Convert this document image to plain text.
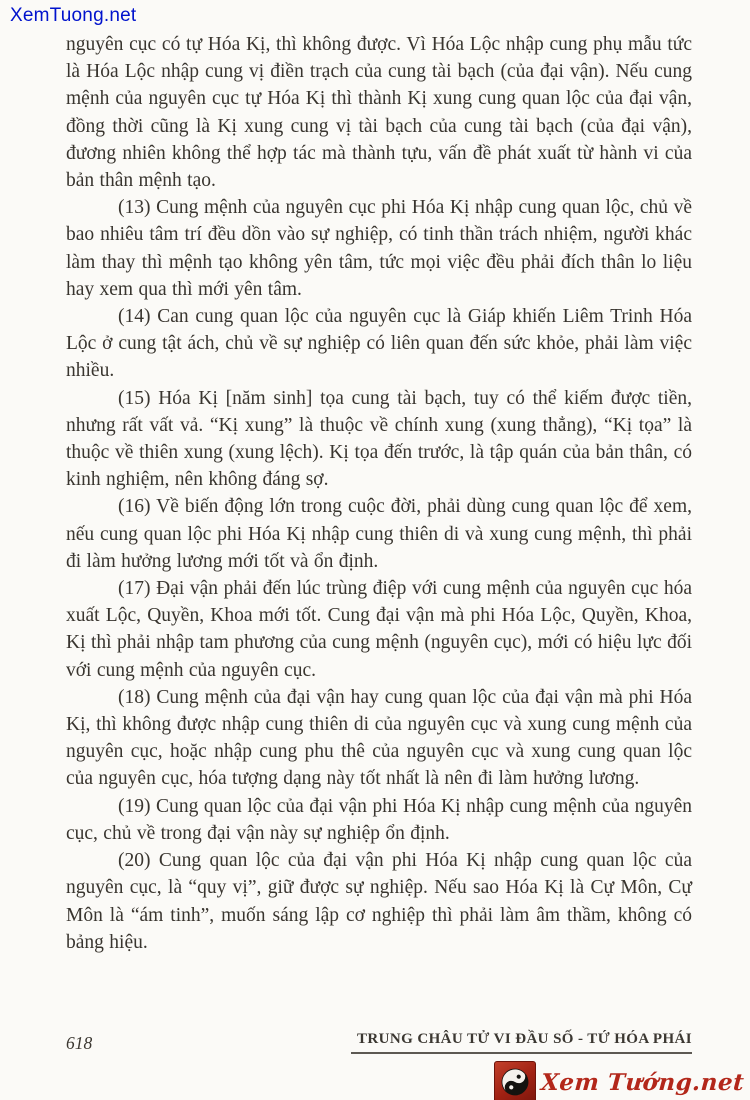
XemTuong.net

nguyên cục có tự Hóa Kị, thì không được. Vì Hóa Lộc nhập cung phụ mẫu tức là Hóa Lộc nhập cung vị điền trạch của cung tài bạch (của đại vận). Nếu cung mệnh của nguyên cục tự Hóa Kị thì thành Kị xung cung quan lộc của đại vận, đồng thời cũng là Kị xung cung vị tài bạch của cung tài bạch (của đại vận), đương nhiên không thể hợp tác mà thành tựu, vấn đề phát xuất từ hành vi của bản thân mệnh tạo.

(13) Cung mệnh của nguyên cục phi Hóa Kị nhập cung quan lộc, chủ về bao nhiêu tâm trí đều dồn vào sự nghiệp, có tinh thần trách nhiệm, người khác làm thay thì mệnh tạo không yên tâm, tức mọi việc đều phải đích thân lo liệu hay xem qua thì mới yên tâm.

(14) Can cung quan lộc của nguyên cục là Giáp khiến Liêm Trinh Hóa Lộc ở cung tật ách, chủ về sự nghiệp có liên quan đến sức khỏe, phải làm việc nhiều.

(15) Hóa Kị [năm sinh] tọa cung tài bạch, tuy có thể kiếm được tiền, nhưng rất vất vả. “Kị xung” là thuộc về chính xung (xung thẳng), “Kị tọa” là thuộc về thiên xung (xung lệch). Kị tọa đến trước, là tập quán của bản thân, có kinh nghiệm, nên không đáng sợ.

(16) Về biến động lớn trong cuộc đời, phải dùng cung quan lộc để xem, nếu cung quan lộc phi Hóa Kị nhập cung thiên di và xung cung mệnh, thì phải đi làm hưởng lương mới tốt và ổn định.

(17) Đại vận phải đến lúc trùng điệp với cung mệnh của nguyên cục hóa xuất Lộc, Quyền, Khoa mới tốt. Cung đại vận mà phi Hóa Lộc, Quyền, Khoa, Kị thì phải nhập tam phương của cung mệnh (nguyên cục), mới có hiệu lực đối với cung mệnh của nguyên cục.

(18) Cung mệnh của đại vận hay cung quan lộc của đại vận mà phi Hóa Kị, thì không được nhập cung thiên di của nguyên cục và xung cung mệnh của nguyên cục, hoặc nhập cung phu thê của nguyên cục và xung cung quan lộc của nguyên cục, hóa tượng dạng này tốt nhất là nên đi làm hưởng lương.

(19) Cung quan lộc của đại vận phi Hóa Kị nhập cung mệnh của nguyên cục, chủ về trong đại vận này sự nghiệp ổn định.

(20) Cung quan lộc của đại vận phi Hóa Kị nhập cung quan lộc của nguyên cục, là “quy vị”, giữ được sự nghiệp. Nếu sao Hóa Kị là Cự Môn, Cự Môn là “ám tinh”, muốn sáng lập cơ nghiệp thì phải làm âm thầm, không có bảng hiệu.

618	TRUNG CHÂU TỬ VI ĐẦU SỐ - TỨ HÓA PHÁI
Xem Tướng.net
